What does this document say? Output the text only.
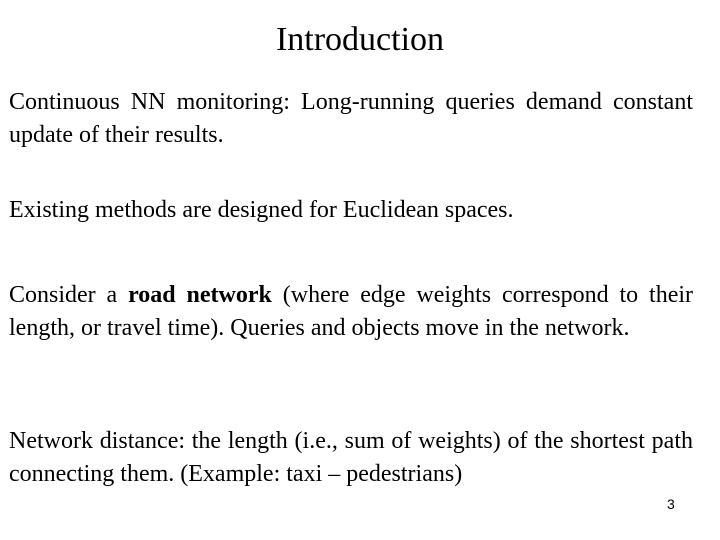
Introduction

Continuous NN monitoring: Long-running queries demand constant update of their results.

Existing methods are designed for Euclidean spaces.

Consider a road network (where edge weights correspond to their length, or travel time). Queries and objects move in the network.

Network distance: the length (i.e., sum of weights) of the shortest path connecting them. (Example: taxi – pedestrians)

3
